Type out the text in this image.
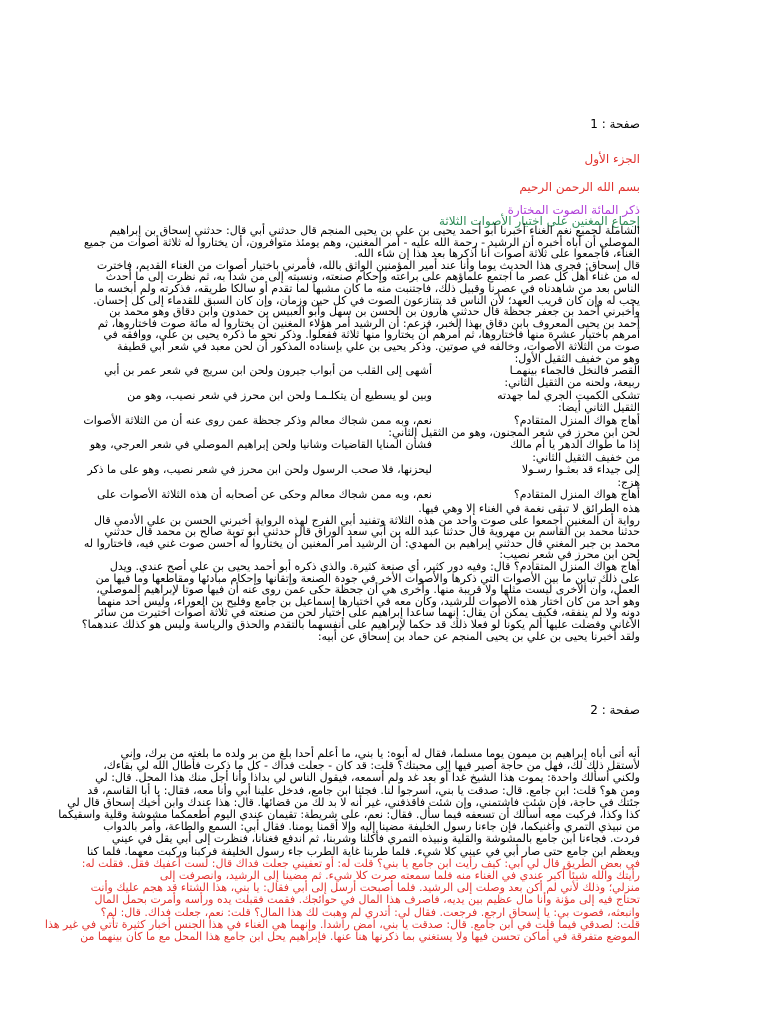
صفحة : 1
الجزء الأول
بسم الله الرحمن الرحيم
ذكر المائة الصوت المختارة
إجماع المغنين على اختيار الأصوات الثلاثة
الشاملة لجميع نغم الغناء أخبرنا أبو أحمد يحيى بن علي بن يحيى المنجم قال حدثني أبي قال: حدثني إسحاق بن إبراهيم
الموصلي أن أباه أخبره أن الرشيد - رحمة الله عليه - أمر المغنين، وهم يومئذ متوافرون، أن يختاروا له ثلاثة أصوات من جميع
الغناء، فأجمعوا على ثلاثة أصوات أنا أذكرها بعد هذا إن شاء الله.
قال إسحاق: فجرى هذا الحديث يوما وأنا عند أمير المؤمنين الواثق بالله، فأمرني باختيار أصوات من الغناء القديم، فاخترت
له من غناء أهل كل عصر ما اجتمع علماؤهم على براعته وإحكام صنعته، ونسبته إلى من شدا به، ثم نظرت إلى ما أحدث
الناس بعد من شاهدناه في عصرنا وقبيل ذلك، فاجتنبت منه ما كان مشبها لما تقدم أو سالكا طريقه، فذكرته ولم أبخسه ما
يجب له وإن كان قريب العهد؛ لأن الناس قد يتنازعون الصوت في كل حين وزمان، وإن كان السبق للقدماء إلى كل إحسان.
وأخبرني أحمد بن جعفر جحظة قال حدثني هارون بن الحسن بن سهل وأبو العبيس بن حمدون وابن دقاق وهو محمد بن
أحمد بن يحيى المعروف بابن دقاق بهذا الخبر، فزعم: أن الرشيد أمر هؤلاء المغنين أن يختاروا له مائة صوت فاختاروها، ثم
أمرهم باختيار عشرة منها فاختاروها، ثم أمرهم أن يختاروا منها ثلاثة ففعلوا. وذكر نحو ما ذكره يحيى بن علي، ووافقه في
صوت من الثلاثة الأصوات، وخالفه في صوتين. وذكر يحيى بن علي بإسناده المذكور أن لحن معبد في شعر أبي قطيفة
وهو من خفيف الثقيل الأول:
القصر فالنخل فالجماء بينهمـا
أشهى إلى القلب من أبواب جيرون ولحن ابن سريج في شعر عمر بن أبي
ربيعة، ولحنه من الثقيل الثاني:
تشكى الكميت الجري لما جهدته
وبين لو يسطيع أن يتكلـمـا ولحن ابن محرز في شعر نصيب، وهو من
الثقيل الثاني أيضا:
أهاج هواك المنزل المتقادم؟
نعم، وبه ممن شجاك معالم وذكر جحظة عمن روى عنه أن من الثلاثة الأصوات
لحن ابن محرز في شعر المجنون، وهو من الثقيل الثاني:
إذا ما طواك الدهر يا أم مالك
فشأن المنايا القاضيات وشانيا ولحن إبراهيم الموصلي في شعر العرجي، وهو
من خفيف الثقيل الثاني:
إلى جيداء قد بعثـوا رسـولا
ليحزنها، فلا صحب الرسول ولحن ابن محرز في شعر نصيب، وهو على ما ذكر
هزج:
أهاج هواك المنزل المتقادم؟
نعم، وبه ممن شجاك معالم وحكى عن أصحابه أن هذه الثلاثة الأصوات على
هذه الطرائق لا تبقى نغمة في الغناء إلا وهي فيها.
رواية أن المغنين أجمعوا على صوت واحد من هذه الثلاثة وتفنيد أبي الفرج لهذه الرواية أخبرني الحسن بن علي الأدمي قال
حدثنا محمد بن القاسم بن مهروية قال حدثنا عبد الله بن أبي سعد الوراق قال حدثني أبو توبة صالح بن محمد قال حدثني
محمد بن جبر المغني قال حدثني إبراهيم بن المهدي: أن الرشيد أمر المغنين أن يختاروا له أحسن صوت غني فيه، فاختاروا له
لحن ابن محرز في شعر نصيب:
أهاج هواك المنزل المتقادم؟ قال: وفيه دور كثير، أي صنعة كثيرة. والذي ذكره أبو أحمد يحيى بن علي أصح عندي. ويدل
على ذلك تباين ما بين الأصوات التي ذكرها والأصوات الأخر في جودة الصنعة وإتقانها وإحكام مبادئها ومقاطعها وما فيها من
العمل، وأن الأخرى ليست مثلها ولا قريبة منها. وأخرى هي أن جحظة حكى عمن روى عنه أن فيها صوتا لإبراهيم الموصلي،
وهو أحد من كان اختار هذه الأصوات للرشيد، وكان معه في اختيارها إسماعيل بن جامع وفليح بن العوراء، وليس أحد منهما
دونه ولا لم ينفقه، فكيف يمكن أن يقال: إنهما ساعدا إبراهيم على اختيار لحن من صنعته في ثلاثة أصوات اختيرت من سائر
الأغاني وفضلت عليها ألم يكونا لو فعلا ذلك قد حكما لإبراهيم على أنفسهما بالتقدم والحذق والرياسة وليس هو كذلك عندهما؟
ولقد أخبرنا يحيى بن علي بن يحيى المنجم عن حماد بن إسحاق عن أبيه:
صفحة : 2
أنه أتى أباه إبراهيم بن ميمون يوما مسلما، فقال له أبوه: يا بني، ما أعلم أحدا بلغ من بر ولده ما بلغته من برك، وإني
لأستقل ذلك لك، فهل من حاجة أصير فيها إلى محبتك؟ قلت: قد كان - جعلت فداك - كل ما ذكرت فأطال الله لي بقاءك،
ولكني أسألك واحدة: يموت هذا الشيخ غدا أو بعد غد ولم أسمعه، فيقول الناس لي بداذا وأنا أجل منك هذا المحل. قال: لي
ومن هو؟ قلت: ابن جامع. قال: صدقت يا بني، أسرجوا لنا. فجئنا ابن جامع، فدخل علينا أبي وأنا معه، فقال: يا أبا القاسم، قد
جئتك في حاجة، فإن شئت فاشتمني، وإن شئت فاقذفني، غير أنه لا بد لك من قضائها. قال: هذا عندك وابن أخيك إسحاق قال لي
كذا وكذا، فركبت معه أسألك أن تسعفه فيما سأل. فقال: نعم، على شريطة: تقيمان عندي اليوم أطعمكما مشوشة وقلية واسقيكما
من نبيذي التمري وأغنيكما، فإن جاءنا رسول الخليفة مضينا إليه وإلا أقمنا يومنا. فقال أبي: السمع والطاعة، وأمر بالدواب
فردت. فجاءنا ابن جامع بالمشوشة والقلية ونبيذه التمري فأكلنا وشربنا، ثم اندفع فغنانا، فنظرت إلى أبي يقل في عيني
ويعظم ابن جامع حتى صار أبي في عيني كلا شيء. فلما طربنا غاية الطرب جاء رسول الخليفة فركبنا وركبت معهما. فلما كنا
في بعض الطريق قال لي أبي: كيف رأيت ابن جامع يا بني؟ قلت له: أو تعفيني جعلت فداك قال: لست أعفيك فقل. فقلت له:
رأيتك والله شيئا أكبر عندي في الغناء منه فلما سمعته صرت كلا شيء. ثم مضينا إلى الرشيد، وانصرفت إلى
منزلي؛ وذلك لأني لم أكن بعد وصلت إلى الرشيد. فلما أصبحت أرسل إلى أبي فقال: يا بني، هذا الشتاء قد هجم عليك وأنت
تحتاج فيه إلى مؤنة وأنا مال عظيم بين يديه، فاصرف هذا المال في حوائجك. فقمت فقبلت يده ورأسه وأمرت بحمل المال
وانبعثه، فصوت بي: يا إسحاق ارجع. فرجعت. فقال لي: أتدري لم وهبت لك هذا المال؟ قلت: نعم، جعلت فداك. قال: لم؟
قلت: لصدقي فيما قلت في ابن جامع. قال: صدقت يا بني، امض راشدا. وإنهما هي الغناء في هذا الجنس أخبار كثيرة تأتي في غير هذا
الموضع متفرقة في أماكن تحسن فيها ولا يستغني بما ذكرنها هنا عنها. فإبراهيم يحل ابن جامع هذا المحل مع ما كان بينهما من
